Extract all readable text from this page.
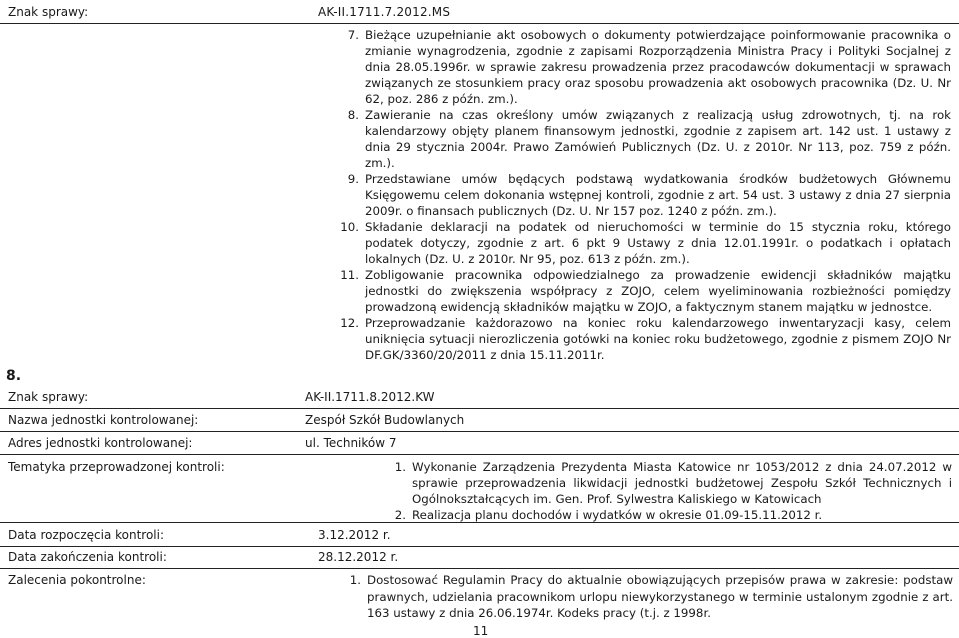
Znak sprawy:	AK-II.1711.7.2012.MS
7. Bieżące uzupełnianie akt osobowych o dokumenty potwierdzające poinformowanie pracownika o zmianie wynagrodzenia, zgodnie z zapisami Rozporządzenia Ministra Pracy i Polityki Socjalnej z dnia 28.05.1996r. w sprawie zakresu prowadzenia przez pracodawców dokumentacji w sprawach związanych ze stosunkiem pracy oraz sposobu prowadzenia akt osobowych pracownika (Dz. U. Nr 62, poz. 286 z późn. zm.).
8. Zawieranie na czas określony umów związanych z realizacją usług zdrowotnych, tj. na rok kalendarzowy objęty planem finansowym jednostki, zgodnie z zapisem art. 142 ust. 1 ustawy z dnia 29 stycznia 2004r. Prawo Zamówień Publicznych (Dz. U. z 2010r. Nr 113, poz. 759 z późn. zm.).
9. Przedstawiane umów będących podstawą wydatkowania środków budżetowych Głównemu Księgowemu celem dokonania wstępnej kontroli, zgodnie z art. 54 ust. 3 ustawy z dnia 27 sierpnia 2009r. o finansach publicznych (Dz. U. Nr 157 poz. 1240 z późn. zm.).
10. Składanie deklaracji na podatek od nieruchomości w terminie do 15 stycznia roku, którego podatek dotyczy, zgodnie z art. 6 pkt 9 Ustawy z dnia 12.01.1991r. o podatkach i opłatach lokalnych (Dz. U. z 2010r. Nr 95, poz. 613 z późn. zm.).
11. Zobligowanie pracownika odpowiedzialnego za prowadzenie ewidencji składników majątku jednostki do zwiększenia współpracy z ZOJO, celem wyeliminowania rozbieżności pomiędzy prowadzoną ewidencją składników majątku w ZOJO, a faktycznym stanem majątku w jednostce.
12. Przeprowadzanie każdorazowo na koniec roku kalendarzowego inwentaryzacji kasy, celem uniknięcia sytuacji nierozliczenia gotówki na koniec roku budżetowego, zgodnie z pismem ZOJO Nr DF.GK/3360/20/2011 z dnia 15.11.2011r.
8.
Znak sprawy:	AK-II.1711.8.2012.KW
Nazwa jednostki kontrolowanej:	Zespół Szkół Budowlanych
Adres jednostki kontrolowanej:	ul. Techników 7
Tematyka przeprowadzonej kontroli:	1. Wykonanie Zarządzenia Prezydenta Miasta Katowice nr 1053/2012 z dnia 24.07.2012 w sprawie przeprowadzenia likwidacji jednostki budżetowej Zespołu Szkół Technicznych i Ogólnokształcących im. Gen. Prof. Sylwestra Kaliskiego w Katowicach
2. Realizacja planu dochodów i wydatków w okresie 01.09-15.11.2012 r.
Data rozpoczęcia kontroli:	3.12.2012 r.
Data zakończenia kontroli:	28.12.2012 r.
Zalecenia pokontrolne:	1. Dostosować Regulamin Pracy do aktualnie obowiązujących przepisów prawa w zakresie: podstaw prawnych, udzielania pracownikom urlopu niewykorzystanego w terminie ustalonym zgodnie z art. 163 ustawy z dnia 26.06.1974r. Kodeks pracy (t.j. z 1998r.
11
